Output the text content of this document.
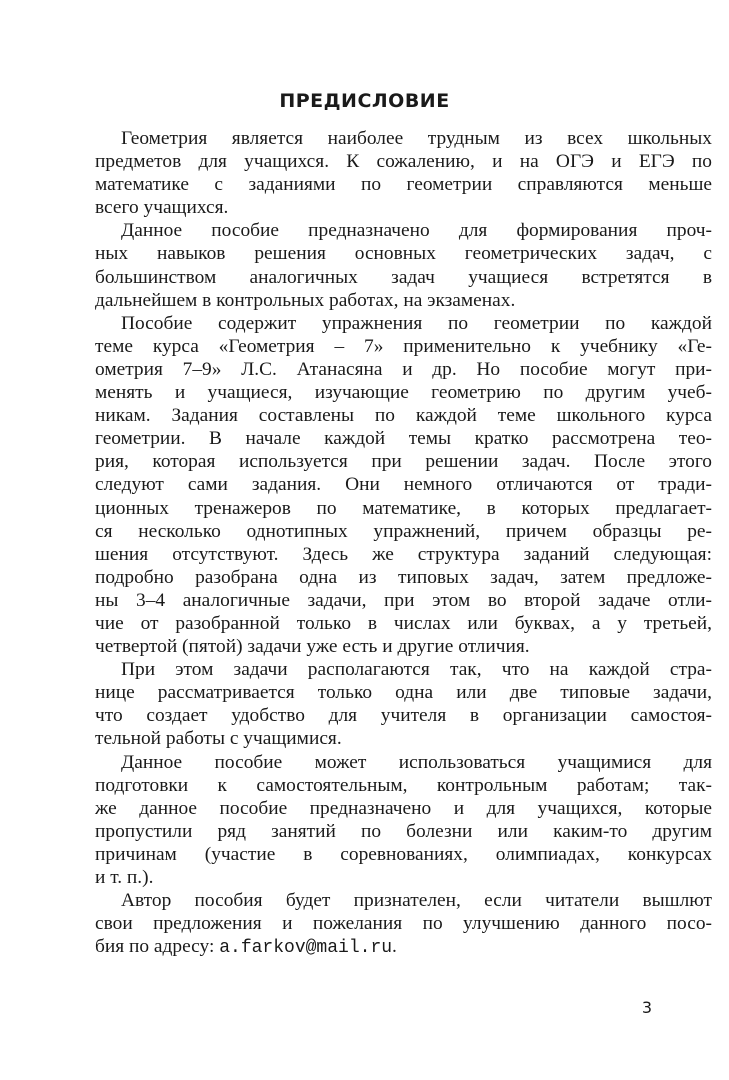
ПРЕДИСЛОВИЕ
Геометрия является наиболее трудным из всех школьных
предметов для учащихся. К сожалению, и на ОГЭ и ЕГЭ по
математике с заданиями по геометрии справляются меньше
всего учащихся.
Данное пособие предназначено для формирования проч-
ных навыков решения основных геометрических задач, с
большинством аналогичных задач учащиеся встретятся в
дальнейшем в контрольных работах, на экзаменах.
Пособие содержит упражнения по геометрии по каждой
теме курса «Геометрия – 7» применительно к учебнику «Ге-
ометрия 7–9» Л.С. Атанасяна и др. Но пособие могут при-
менять и учащиеся, изучающие геометрию по другим учеб-
никам. Задания составлены по каждой теме школьного курса
геометрии. В начале каждой темы кратко рассмотрена тео-
рия, которая используется при решении задач. После этого
следуют сами задания. Они немного отличаются от тради-
ционных тренажеров по математике, в которых предлагает-
ся несколько однотипных упражнений, причем образцы ре-
шения отсутствуют. Здесь же структура заданий следующая:
подробно разобрана одна из типовых задач, затем предложе-
ны 3–4 аналогичные задачи, при этом во второй задаче отли-
чие от разобранной только в числах или буквах, а у третьей,
четвертой (пятой) задачи уже есть и другие отличия.
При этом задачи располагаются так, что на каждой стра-
нице рассматривается только одна или две типовые задачи,
что создает удобство для учителя в организации самостоя-
тельной работы с учащимися.
Данное пособие может использоваться учащимися для
подготовки к самостоятельным, контрольным работам; так-
же данное пособие предназначено и для учащихся, которые
пропустили ряд занятий по болезни или каким-то другим
причинам (участие в соревнованиях, олимпиадах, конкурсах
и т. п.).
Автор пособия будет признателен, если читатели вышлют
свои предложения и пожелания по улучшению данного посо-
бия по адресу: a.farkov@mail.ru.
3
